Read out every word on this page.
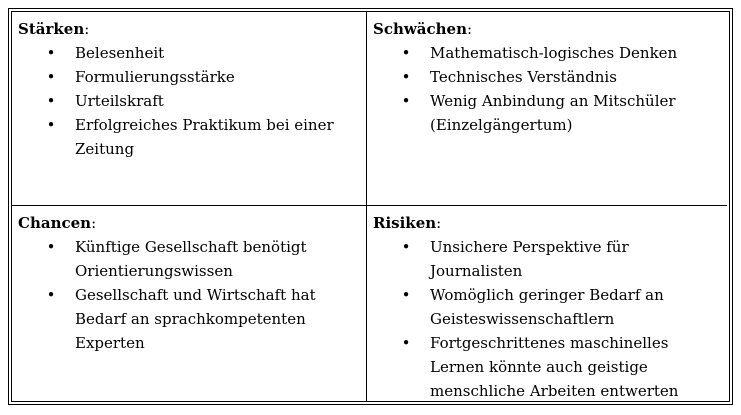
Stärken:
• Belesenheit
• Formulierungsstärke
• Urteilskraft
• Erfolgreiches Praktikum bei einer Zeitung
Schwächen:
• Mathematisch-logisches Denken
• Technisches Verständnis
• Wenig Anbindung an Mitschüler (Einzelgängertum)
Chancen:
• Künftige Gesellschaft benötigt Orientierungswissen
• Gesellschaft und Wirtschaft hat Bedarf an sprachkompetenten Experten
Risiken:
• Unsichere Perspektive für Journalisten
• Womöglich geringer Bedarf an Geisteswissenschaftlern
• Fortgeschrittenes maschinelles Lernen könnte auch geistige menschliche Arbeiten entwerten
